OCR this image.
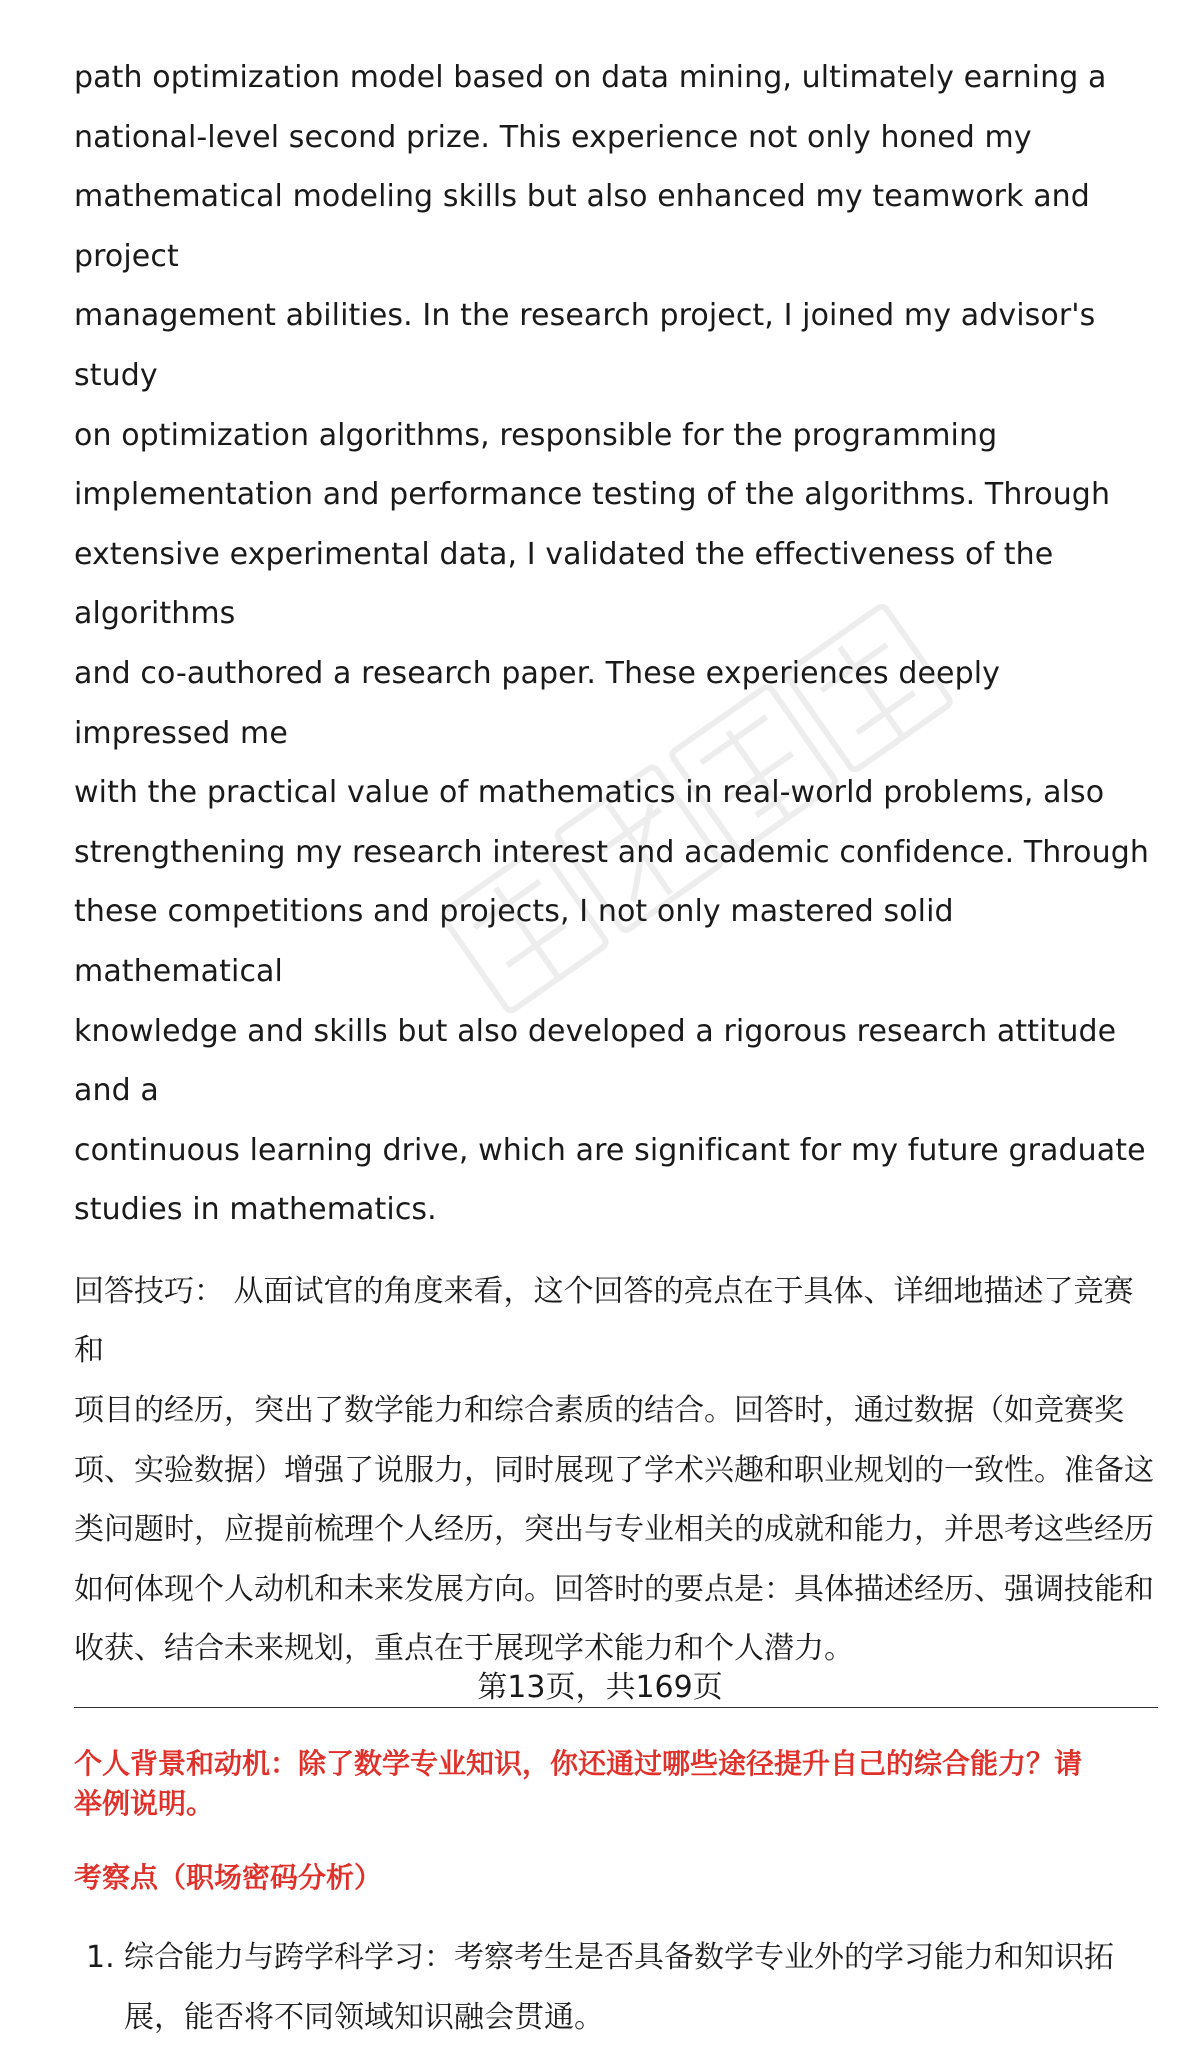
path optimization model based on data mining, ultimately earning a
national-level second prize. This experience not only honed my
mathematical modeling skills but also enhanced my teamwork and project
management abilities. In the research project, I joined my advisor's study
on optimization algorithms, responsible for the programming
implementation and performance testing of the algorithms. Through
extensive experimental data, I validated the effectiveness of the algorithms
and co-authored a research paper. These experiences deeply impressed me
with the practical value of mathematics in real-world problems, also
strengthening my research interest and academic confidence. Through
these competitions and projects, I not only mastered solid mathematical
knowledge and skills but also developed a rigorous research attitude and a
continuous learning drive, which are significant for my future graduate
studies in mathematics.
回答技巧： 从面试官的角度来看，这个回答的亮点在于具体、详细地描述了竞赛和
项目的经历，突出了数学能力和综合素质的结合。回答时，通过数据（如竞赛奖
项、实验数据）增强了说服力，同时展现了学术兴趣和职业规划的一致性。准备这
类问题时，应提前梳理个人经历，突出与专业相关的成就和能力，并思考这些经历
如何体现个人动机和未来发展方向。回答时的要点是：具体描述经历、强调技能和
收获、结合未来规划，重点在于展现学术能力和个人潜力。
个人背景和动机：除了数学专业知识，你还通过哪些途径提升自己的综合能力？请
举例说明。
考察点（职场密码分析）
1. 综合能力与跨学科学习：考察考生是否具备数学专业外的学习能力和知识拓
展，能否将不同领域知识融会贯通。
第13页，共169页
